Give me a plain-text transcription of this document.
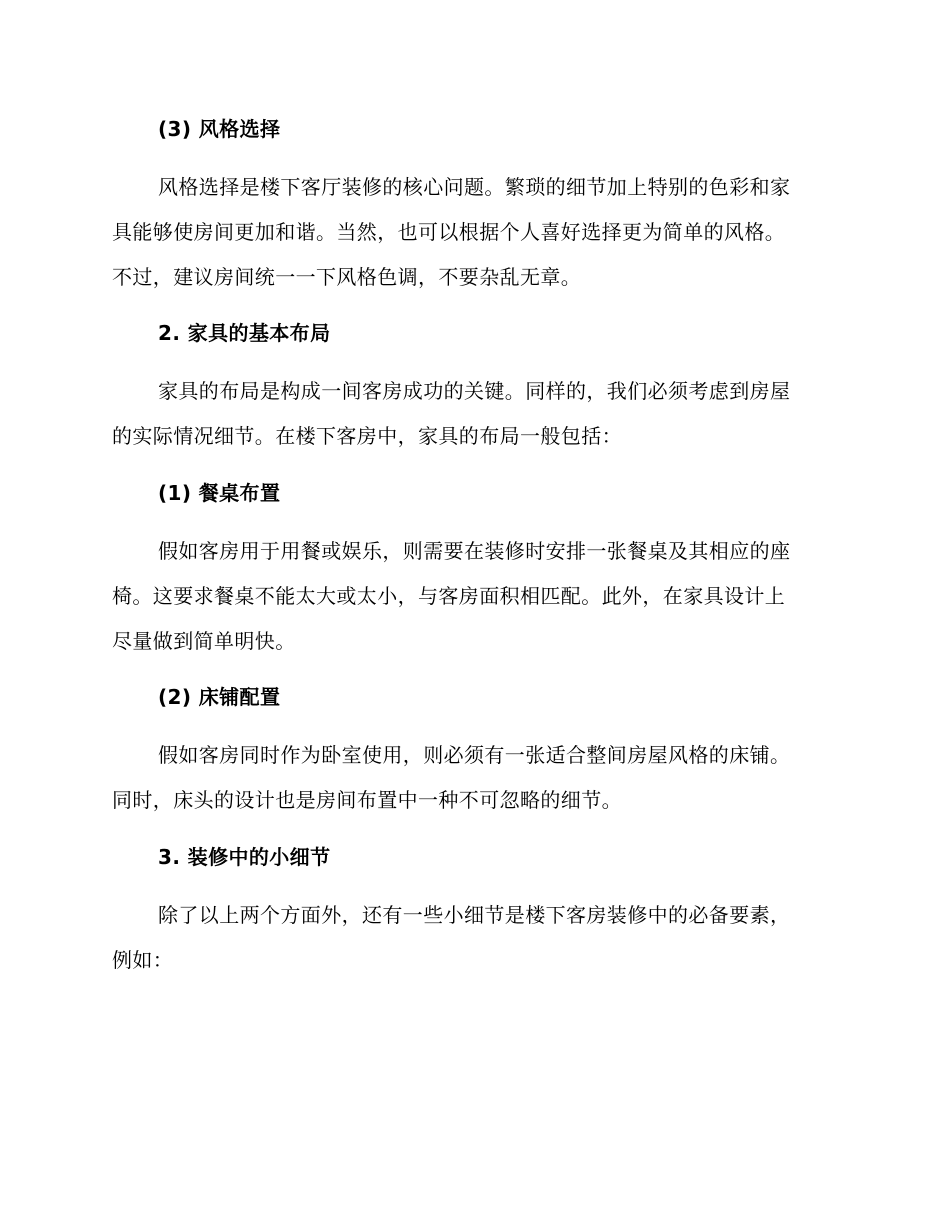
(3) 风格选择
风格选择是楼下客厅装修的核心问题。繁琐的细节加上特别的色彩和家
具能够使房间更加和谐。当然，也可以根据个人喜好选择更为简单的风格。
不过，建议房间统一一下风格色调，不要杂乱无章。
2. 家具的基本布局
家具的布局是构成一间客房成功的关键。同样的，我们必须考虑到房屋
的实际情况细节。在楼下客房中，家具的布局一般包括：
(1) 餐桌布置
假如客房用于用餐或娱乐，则需要在装修时安排一张餐桌及其相应的座
椅。这要求餐桌不能太大或太小，与客房面积相匹配。此外，在家具设计上
尽量做到简单明快。
(2) 床铺配置
假如客房同时作为卧室使用，则必须有一张适合整间房屋风格的床铺。
同时，床头的设计也是房间布置中一种不可忽略的细节。
3. 装修中的小细节
除了以上两个方面外，还有一些小细节是楼下客房装修中的必备要素，
例如：
